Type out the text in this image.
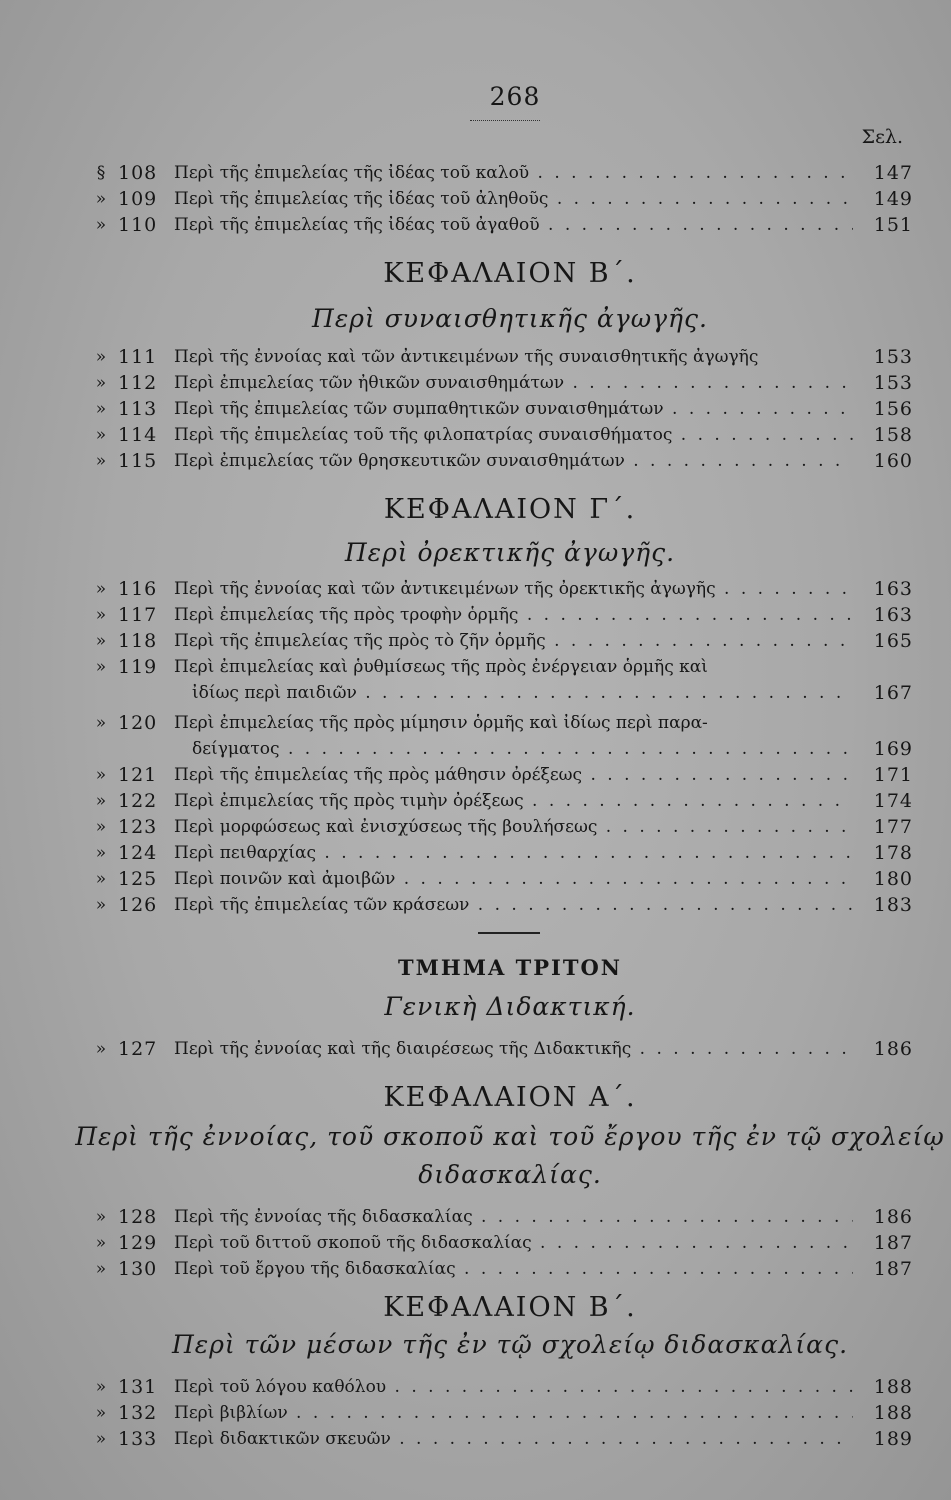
268
Σελ.
§ 108 Περὶ τῆς ἐπιμελείας τῆς ἰδέας τοῦ καλοῦ . . .	147
» 109 Περὶ τῆς ἐπιμελείας τῆς ἰδέας τοῦ ἀληθοῦς . . .	149
» 110 Περὶ τῆς ἐπιμελείας τῆς ἰδέας τοῦ ἀγαθοῦ . . .	151
ΚΕΦΑΛΑΙΟΝ Β΄.
Περὶ συναισθητικῆς ἀγωγῆς.
» 111 Περὶ τῆς ἐννοίας καὶ τῶν ἀντικειμένων τῆς συναισθητικῆς ἀγωγῆς	153
» 112 Περὶ ἐπιμελείας τῶν ἠθικῶν συναισθημάτων . . .	153
» 113 Περὶ τῆς ἐπιμελείας τῶν συμπαθητικῶν συναισθημάτων . . .	156
» 114 Περὶ τῆς ἐπιμελείας τοῦ τῆς φιλοπατρίας συναισθήματος . . .	158
» 115 Περὶ ἐπιμελείας τῶν θρησκευτικῶν συναισθημάτων . . .	160
ΚΕΦΑΛΑΙΟΝ Γ΄.
Περὶ ὀρεκτικῆς ἀγωγῆς.
» 116 Περὶ τῆς ἐννοίας καὶ τῶν ἀντικειμένων τῆς ὀρεκτικῆς ἀγωγῆς . . .	163
» 117 Περὶ ἐπιμελείας τῆς πρὸς τροφὴν ὁρμῆς . . .	163
» 118 Περὶ τῆς ἐπιμελείας τῆς πρὸς τὸ ζῆν ὁρμῆς . . .	165
» 119 Περὶ ἐπιμελείας καὶ ῥυθμίσεως τῆς πρὸς ἐνέργειαν ὁρμῆς καὶ
ἰδίως περὶ παιδιῶν . . .	167
» 120 Περὶ ἐπιμελείας τῆς πρὸς μίμησιν ὁρμῆς καὶ ἰδίως περὶ παρα-
δείγματος . . .	169
» 121 Περὶ τῆς ἐπιμελείας τῆς πρὸς μάθησιν ὀρέξεως . . .	171
» 122 Περὶ ἐπιμελείας τῆς πρὸς τιμὴν ὀρέξεως . . .	174
» 123 Περὶ μορφώσεως καὶ ἐνισχύσεως τῆς βουλήσεως . . .	177
» 124 Περὶ πειθαρχίας . . .	178
» 125 Περὶ ποινῶν καὶ ἀμοιβῶν . . .	180
» 126 Περὶ τῆς ἐπιμελείας τῶν κράσεων . . .	183
ΤΜΗΜΑ ΤΡΙΤΟΝ
Γενικὴ Διδακτική.
» 127 Περὶ τῆς ἐννοίας καὶ τῆς διαιρέσεως τῆς Διδακτικῆς . . .	186
ΚΕΦΑΛΑΙΟΝ Α΄.
Περὶ τῆς ἐννοίας, τοῦ σκοποῦ καὶ τοῦ ἔργου τῆς ἐν τῷ σχολείῳ
διδασκαλίας.
» 128 Περὶ τῆς ἐννοίας τῆς διδασκαλίας . . .	186
» 129 Περὶ τοῦ διττοῦ σκοποῦ τῆς διδασκαλίας . . .	187
» 130 Περὶ τοῦ ἔργου τῆς διδασκαλίας . . .	187
ΚΕΦΑΛΑΙΟΝ Β΄.
Περὶ τῶν μέσων τῆς ἐν τῷ σχολείῳ διδασκαλίας.
» 131 Περὶ τοῦ λόγου καθόλου . . .	188
» 132 Περὶ βιβλίων . . .	188
» 133 Περὶ διδακτικῶν σκευῶν . . .	189
